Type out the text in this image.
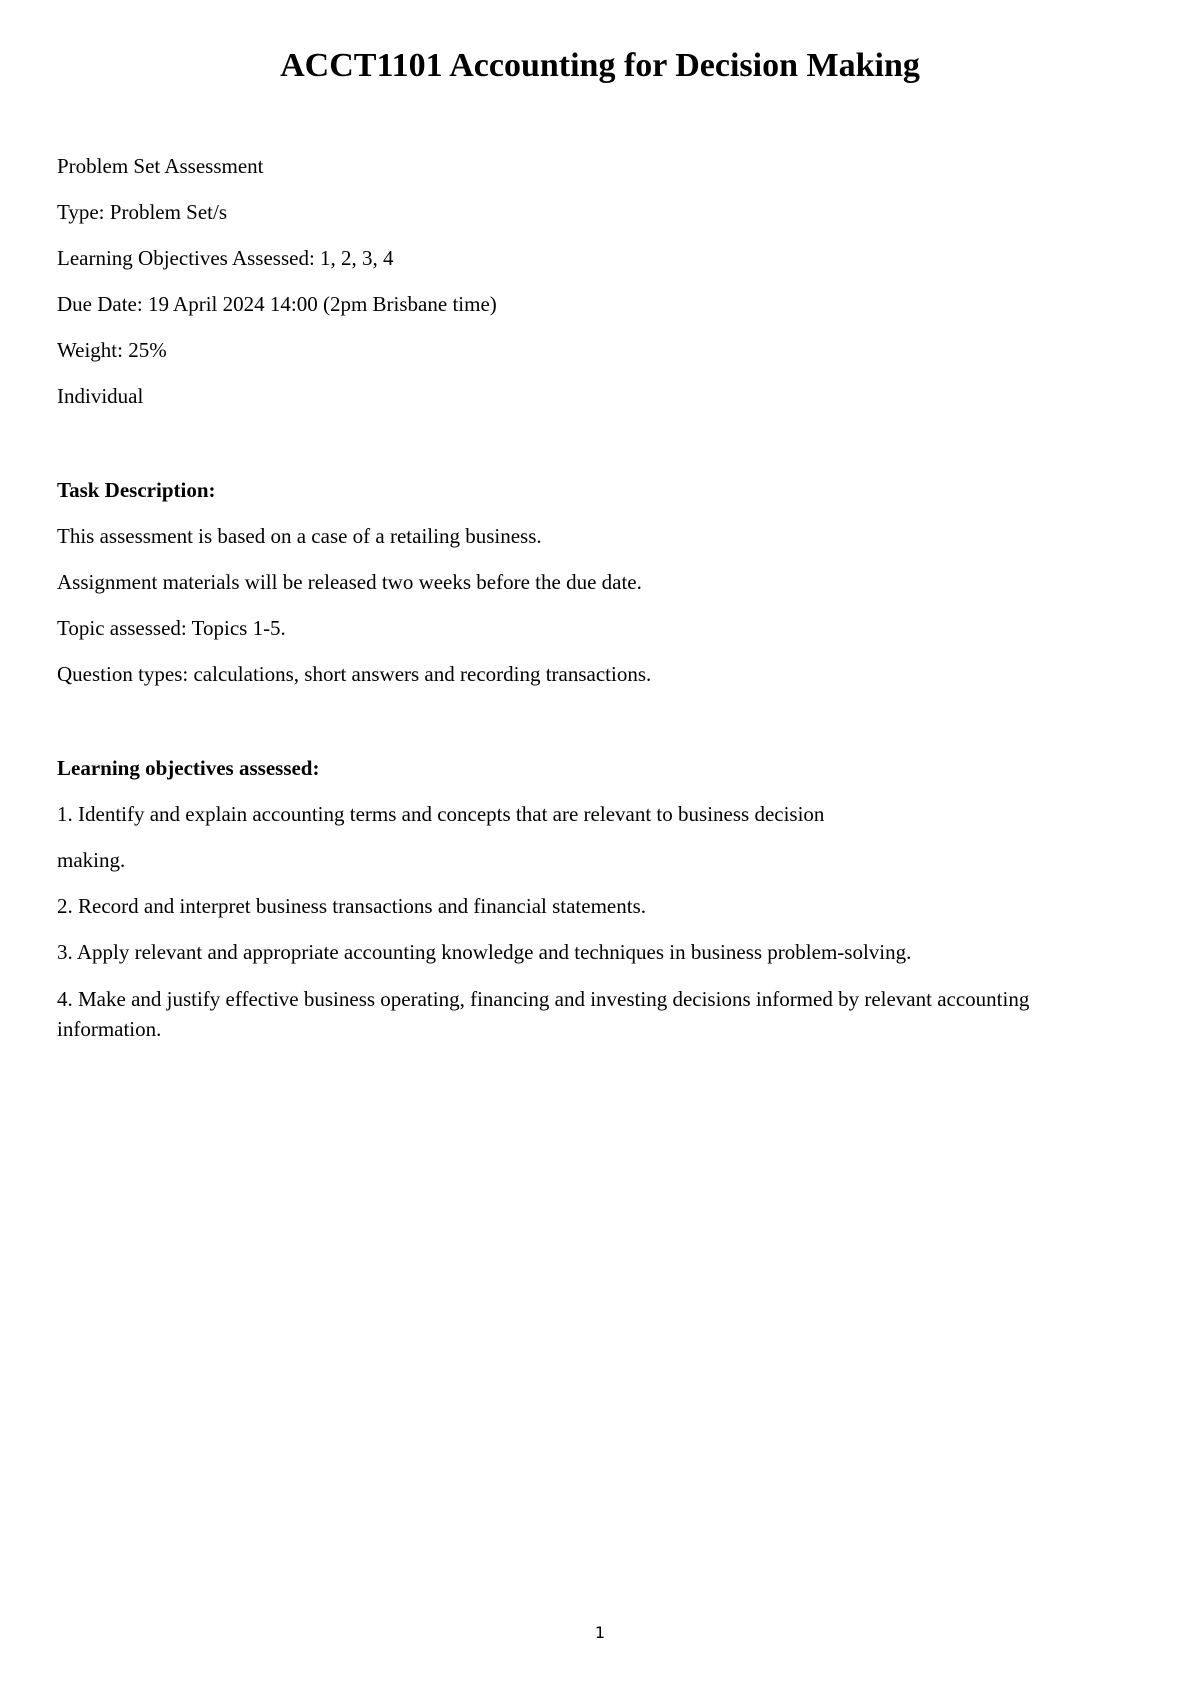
ACCT1101 Accounting for Decision Making

Problem Set Assessment

Type: Problem Set/s

Learning Objectives Assessed: 1, 2, 3, 4

Due Date: 19 April 2024 14:00 (2pm Brisbane time)

Weight: 25%

Individual

Task Description:

This assessment is based on a case of a retailing business.

Assignment materials will be released two weeks before the due date.

Topic assessed: Topics 1-5.

Question types: calculations, short answers and recording transactions.

Learning objectives assessed:

1. Identify and explain accounting terms and concepts that are relevant to business decision

making.

2. Record and interpret business transactions and financial statements.

3. Apply relevant and appropriate accounting knowledge and techniques in business problem-solving.

4. Make and justify effective business operating, financing and investing decisions informed by relevant accounting information.

1
